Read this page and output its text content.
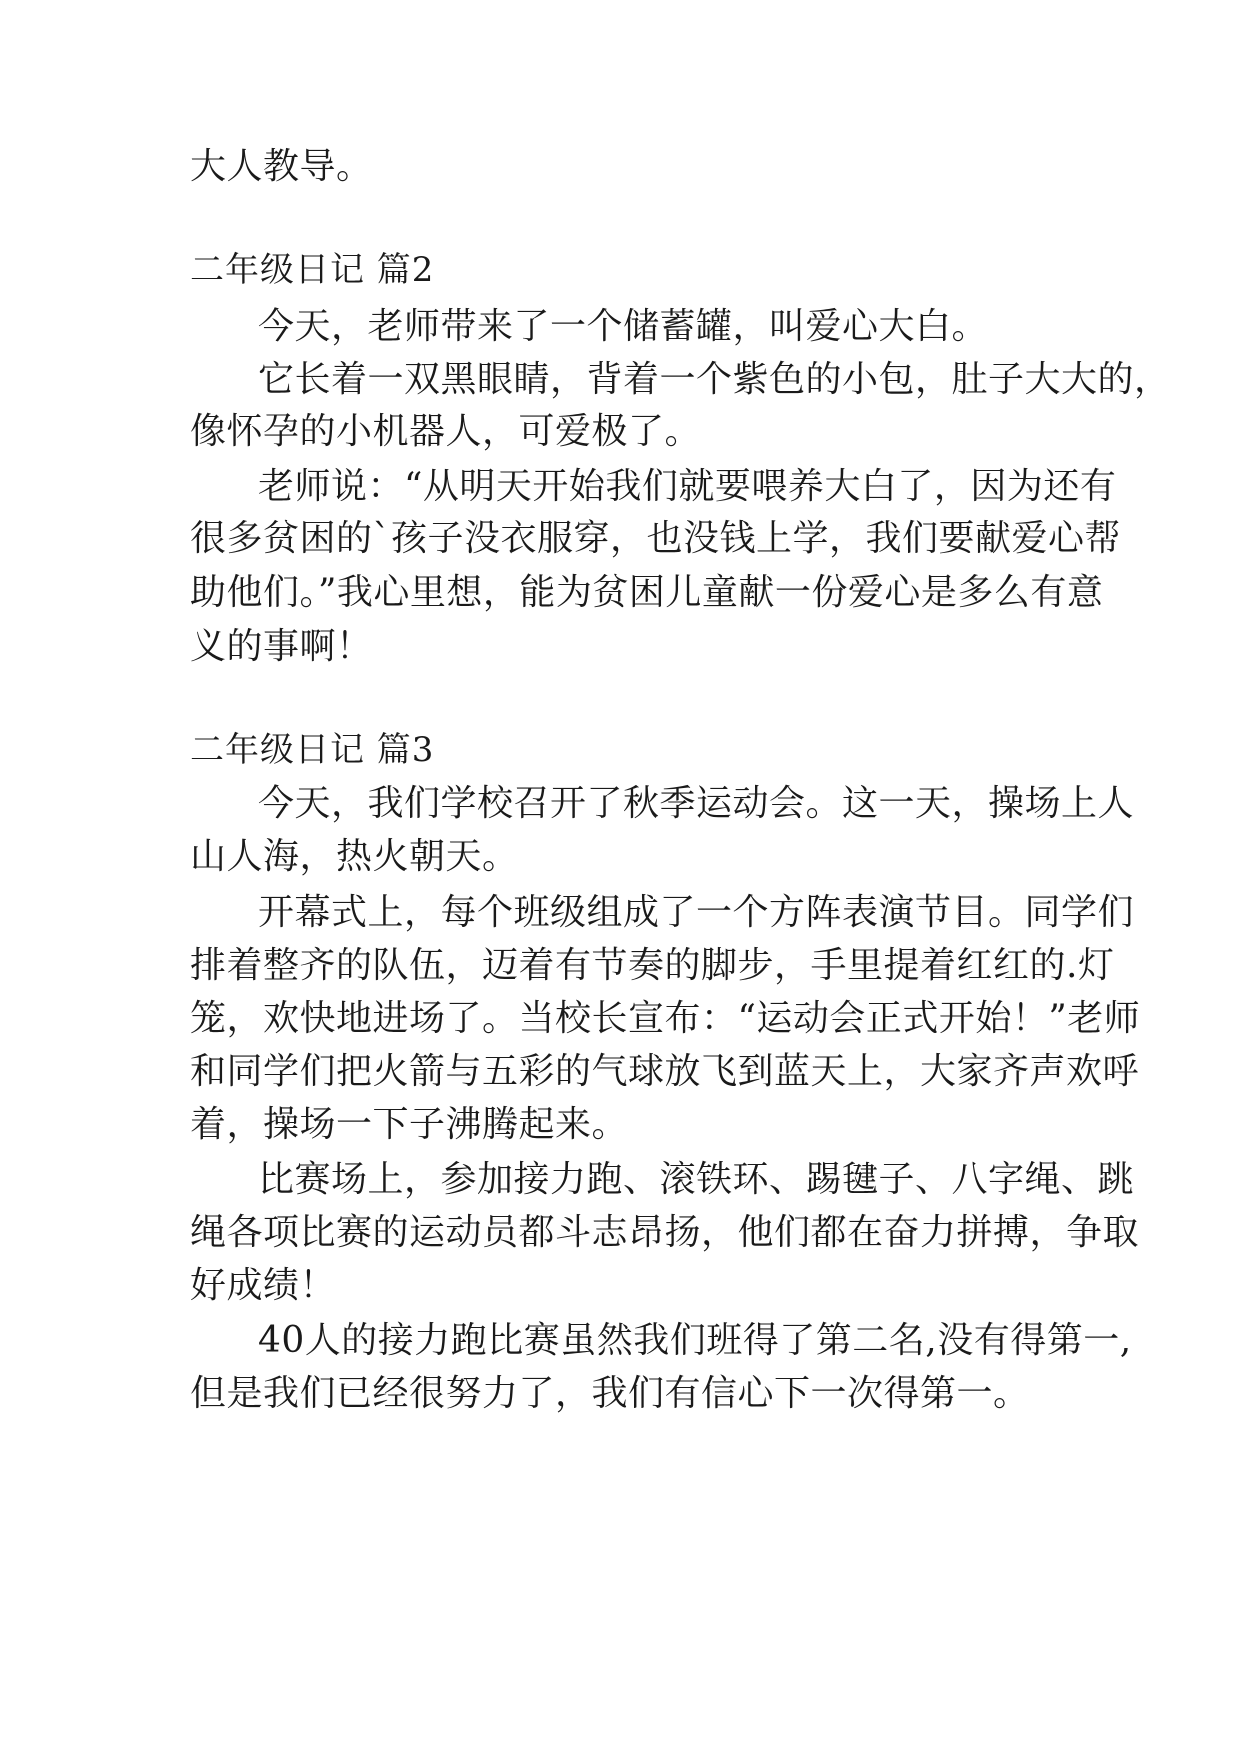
大人教导。
二年级日记 篇2
今天，老师带来了一个储蓄罐，叫爱心大白。
它长着一双黑眼睛，背着一个紫色的小包，肚子大大的，
像怀孕的小机器人，可爱极了。
老师说：“从明天开始我们就要喂养大白了，因为还有
很多贫困的`孩子没衣服穿，也没钱上学，我们要献爱心帮
助他们。”我心里想，能为贫困儿童献一份爱心是多么有意
义的事啊！
二年级日记 篇3
今天，我们学校召开了秋季运动会。这一天，操场上人
山人海，热火朝天。
开幕式上，每个班级组成了一个方阵表演节目。同学们
排着整齐的队伍，迈着有节奏的脚步，手里提着红红的.灯
笼，欢快地进场了。当校长宣布：“运动会正式开始！”老师
和同学们把火箭与五彩的气球放飞到蓝天上，大家齐声欢呼
着，操场一下子沸腾起来。
比赛场上，参加接力跑、滚铁环、踢毽子、八字绳、跳
绳各项比赛的运动员都斗志昂扬，他们都在奋力拼搏，争取
好成绩！
40人的接力跑比赛虽然我们班得了第二名,没有得第一,
但是我们已经很努力了，我们有信心下一次得第一。
